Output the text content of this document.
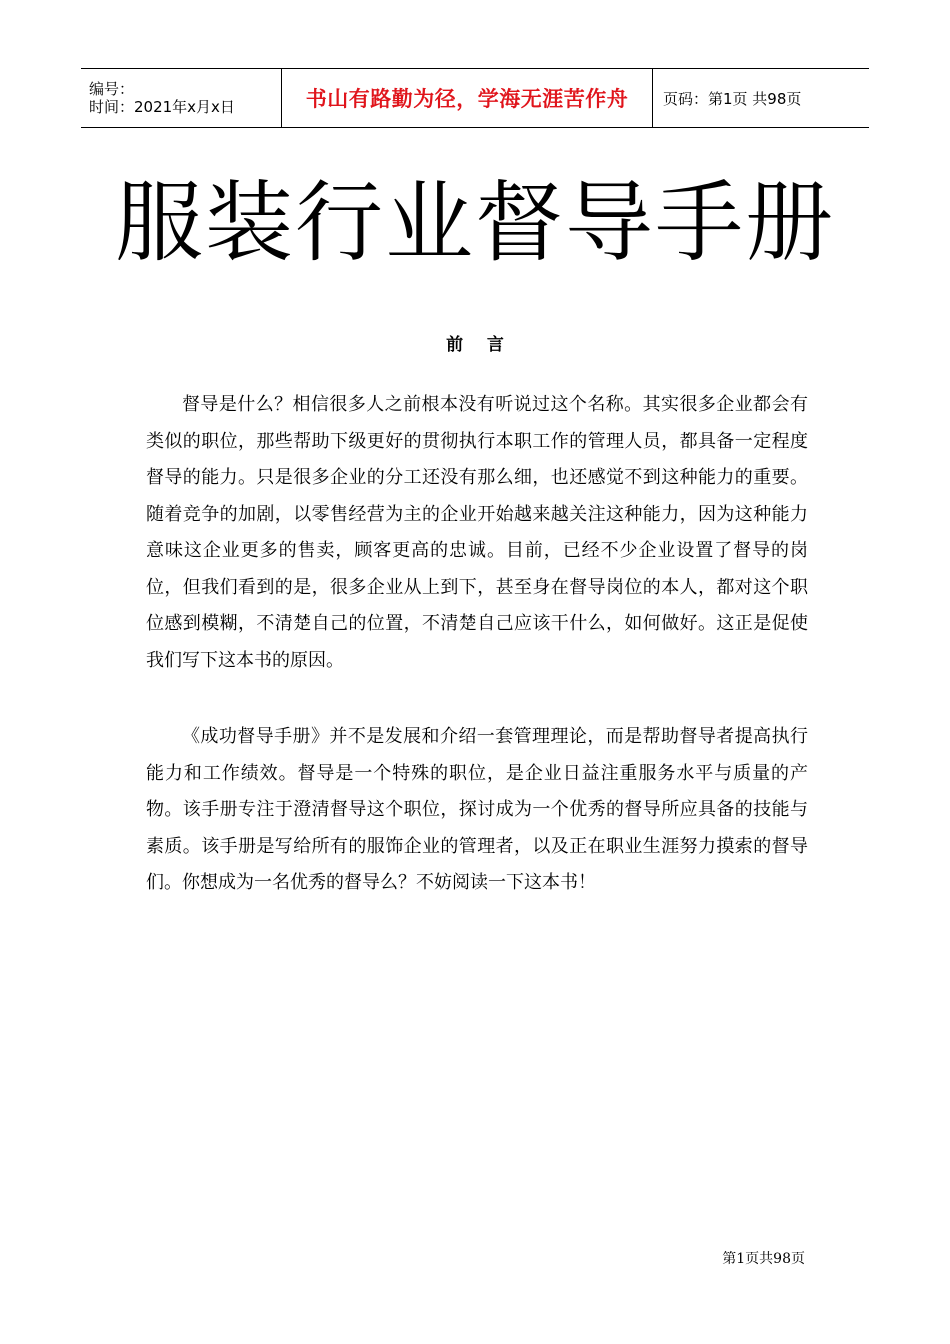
编号：
时间：2021年x月x日	书山有路勤为径，学海无涯苦作舟 页码：第1页 共98页
服装行业督导手册
前 言

督导是什么？相信很多人之前根本没有听说过这个名称。其实很多企业都会有类似的职位，那些帮助下级更好的贯彻执行本职工作的管理人员，都具备一定程度督导的能力。只是很多企业的分工还没有那么细，也还感觉不到这种能力的重要。随着竞争的加剧，以零售经营为主的企业开始越来越关注这种能力，因为这种能力意味这企业更多的售卖，顾客更高的忠诚。目前，已经不少企业设置了督导的岗位，但我们看到的是，很多企业从上到下，甚至身在督导岗位的本人，都对这个职位感到模糊，不清楚自己的位置，不清楚自己应该干什么，如何做好。这正是促使我们写下这本书的原因。

《成功督导手册》并不是发展和介绍一套管理理论，而是帮助督导者提高执行能力和工作绩效。督导是一个特殊的职位，是企业日益注重服务水平与质量的产物。该手册专注于澄清督导这个职位，探讨成为一个优秀的督导所应具备的技能与素质。该手册是写给所有的服饰企业的管理者，以及正在职业生涯努力摸索的督导们。你想成为一名优秀的督导么？不妨阅读一下这本书！

第1页共98页
